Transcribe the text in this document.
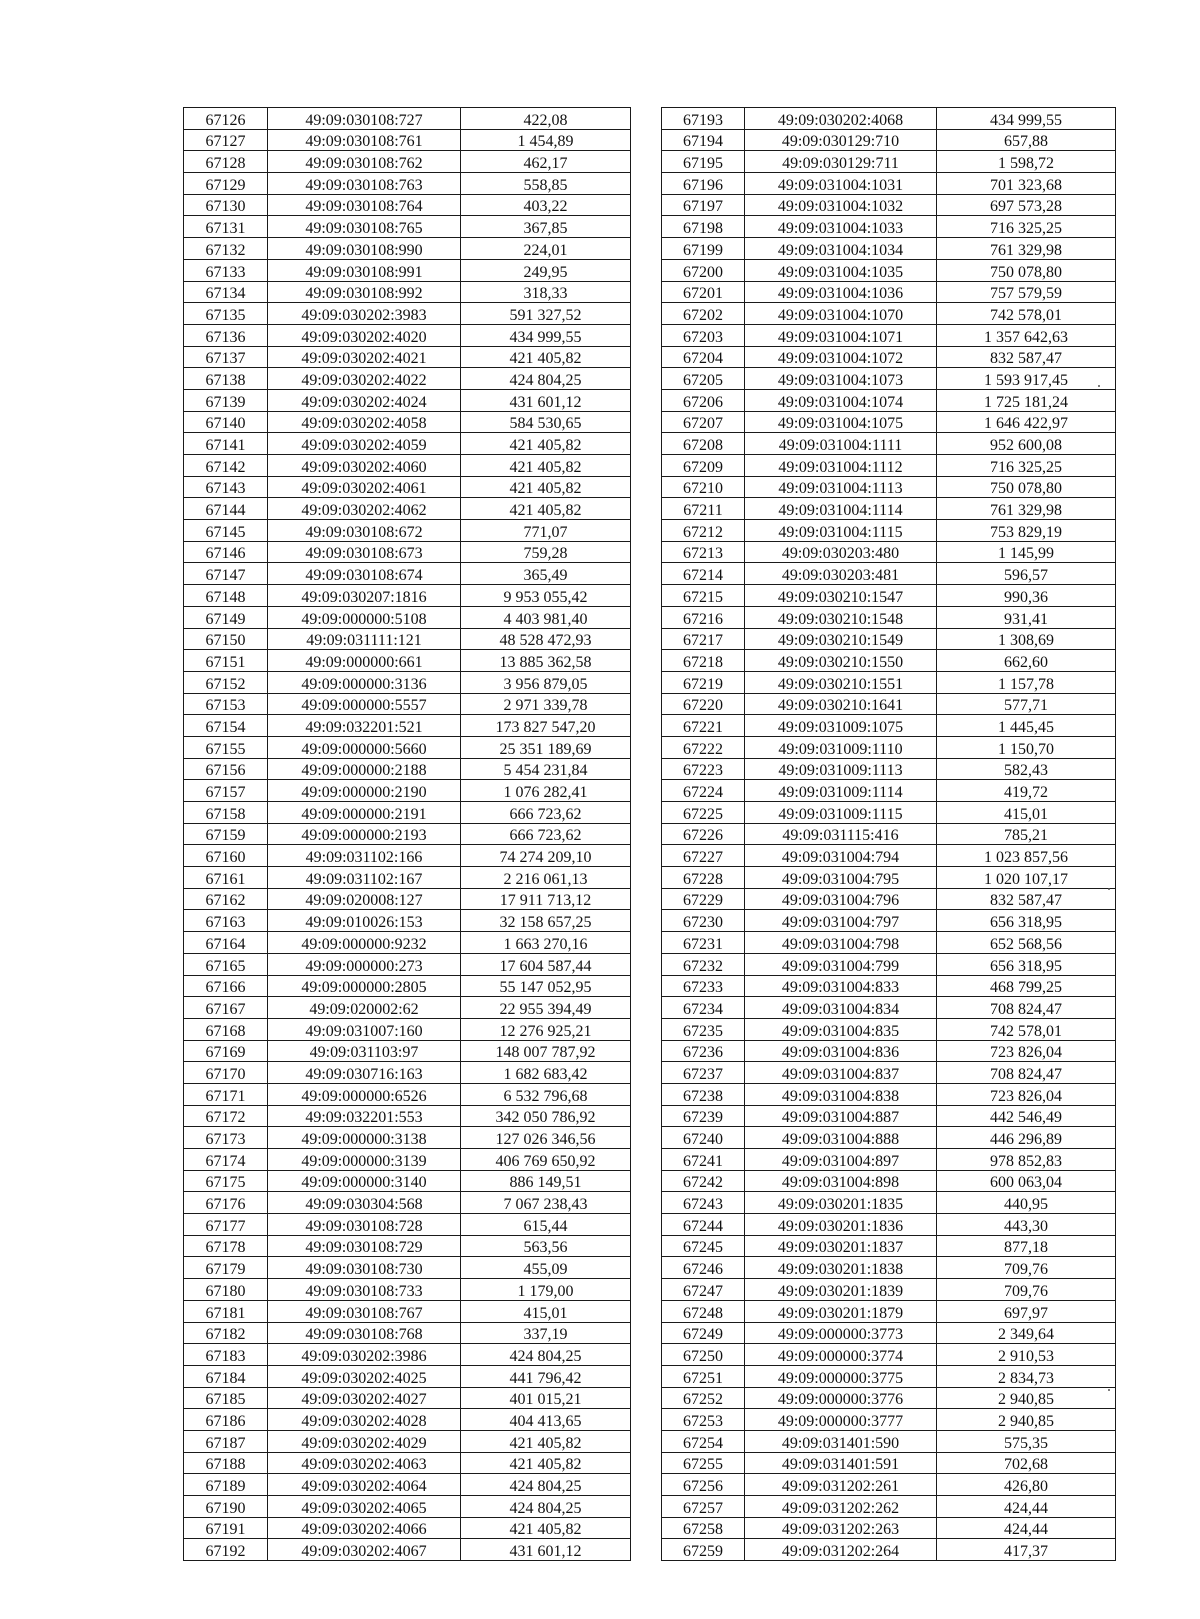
67126	49:09:030108:727	422,08
67127	49:09:030108:761	1 454,89
67128	49:09:030108:762	462,17
67129	49:09:030108:763	558,85
67130	49:09:030108:764	403,22
67131	49:09:030108:765	367,85
67132	49:09:030108:990	224,01
67133	49:09:030108:991	249,95
67134	49:09:030108:992	318,33
67135	49:09:030202:3983	591 327,52
67136	49:09:030202:4020	434 999,55
67137	49:09:030202:4021	421 405,82
67138	49:09:030202:4022	424 804,25
67139	49:09:030202:4024	431 601,12
67140	49:09:030202:4058	584 530,65
67141	49:09:030202:4059	421 405,82
67142	49:09:030202:4060	421 405,82
67143	49:09:030202:4061	421 405,82
67144	49:09:030202:4062	421 405,82
67145	49:09:030108:672	771,07
67146	49:09:030108:673	759,28
67147	49:09:030108:674	365,49
67148	49:09:030207:1816	9 953 055,42
67149	49:09:000000:5108	4 403 981,40
67150	49:09:031111:121	48 528 472,93
67151	49:09:000000:661	13 885 362,58
67152	49:09:000000:3136	3 956 879,05
67153	49:09:000000:5557	2 971 339,78
67154	49:09:032201:521	173 827 547,20
67155	49:09:000000:5660	25 351 189,69
67156	49:09:000000:2188	5 454 231,84
67157	49:09:000000:2190	1 076 282,41
67158	49:09:000000:2191	666 723,62
67159	49:09:000000:2193	666 723,62
67160	49:09:031102:166	74 274 209,10
67161	49:09:031102:167	2 216 061,13
67162	49:09:020008:127	17 911 713,12
67163	49:09:010026:153	32 158 657,25
67164	49:09:000000:9232	1 663 270,16
67165	49:09:000000:273	17 604 587,44
67166	49:09:000000:2805	55 147 052,95
67167	49:09:020002:62	22 955 394,49
67168	49:09:031007:160	12 276 925,21
67169	49:09:031103:97	148 007 787,92
67170	49:09:030716:163	1 682 683,42
67171	49:09:000000:6526	6 532 796,68
67172	49:09:032201:553	342 050 786,92
67173	49:09:000000:3138	127 026 346,56
67174	49:09:000000:3139	406 769 650,92
67175	49:09:000000:3140	886 149,51
67176	49:09:030304:568	7 067 238,43
67177	49:09:030108:728	615,44
67178	49:09:030108:729	563,56
67179	49:09:030108:730	455,09
67180	49:09:030108:733	1 179,00
67181	49:09:030108:767	415,01
67182	49:09:030108:768	337,19
67183	49:09:030202:3986	424 804,25
67184	49:09:030202:4025	441 796,42
67185	49:09:030202:4027	401 015,21
67186	49:09:030202:4028	404 413,65
67187	49:09:030202:4029	421 405,82
67188	49:09:030202:4063	421 405,82
67189	49:09:030202:4064	424 804,25
67190	49:09:030202:4065	424 804,25
67191	49:09:030202:4066	421 405,82
67192	49:09:030202:4067	431 601,12
67193	49:09:030202:4068	434 999,55
67194	49:09:030129:710	657,88
67195	49:09:030129:711	1 598,72
67196	49:09:031004:1031	701 323,68
67197	49:09:031004:1032	697 573,28
67198	49:09:031004:1033	716 325,25
67199	49:09:031004:1034	761 329,98
67200	49:09:031004:1035	750 078,80
67201	49:09:031004:1036	757 579,59
67202	49:09:031004:1070	742 578,01
67203	49:09:031004:1071	1 357 642,63
67204	49:09:031004:1072	832 587,47
67205	49:09:031004:1073	1 593 917,45
67206	49:09:031004:1074	1 725 181,24
67207	49:09:031004:1075	1 646 422,97
67208	49:09:031004:1111	952 600,08
67209	49:09:031004:1112	716 325,25
67210	49:09:031004:1113	750 078,80
67211	49:09:031004:1114	761 329,98
67212	49:09:031004:1115	753 829,19
67213	49:09:030203:480	1 145,99
67214	49:09:030203:481	596,57
67215	49:09:030210:1547	990,36
67216	49:09:030210:1548	931,41
67217	49:09:030210:1549	1 308,69
67218	49:09:030210:1550	662,60
67219	49:09:030210:1551	1 157,78
67220	49:09:030210:1641	577,71
67221	49:09:031009:1075	1 445,45
67222	49:09:031009:1110	1 150,70
67223	49:09:031009:1113	582,43
67224	49:09:031009:1114	419,72
67225	49:09:031009:1115	415,01
67226	49:09:031115:416	785,21
67227	49:09:031004:794	1 023 857,56
67228	49:09:031004:795	1 020 107,17
67229	49:09:031004:796	832 587,47
67230	49:09:031004:797	656 318,95
67231	49:09:031004:798	652 568,56
67232	49:09:031004:799	656 318,95
67233	49:09:031004:833	468 799,25
67234	49:09:031004:834	708 824,47
67235	49:09:031004:835	742 578,01
67236	49:09:031004:836	723 826,04
67237	49:09:031004:837	708 824,47
67238	49:09:031004:838	723 826,04
67239	49:09:031004:887	442 546,49
67240	49:09:031004:888	446 296,89
67241	49:09:031004:897	978 852,83
67242	49:09:031004:898	600 063,04
67243	49:09:030201:1835	440,95
67244	49:09:030201:1836	443,30
67245	49:09:030201:1837	877,18
67246	49:09:030201:1838	709,76
67247	49:09:030201:1839	709,76
67248	49:09:030201:1879	697,97
67249	49:09:000000:3773	2 349,64
67250	49:09:000000:3774	2 910,53
67251	49:09:000000:3775	2 834,73
67252	49:09:000000:3776	2 940,85
67253	49:09:000000:3777	2 940,85
67254	49:09:031401:590	575,35
67255	49:09:031401:591	702,68
67256	49:09:031202:261	426,80
67257	49:09:031202:262	424,44
67258	49:09:031202:263	424,44
67259	49:09:031202:264	417,37
